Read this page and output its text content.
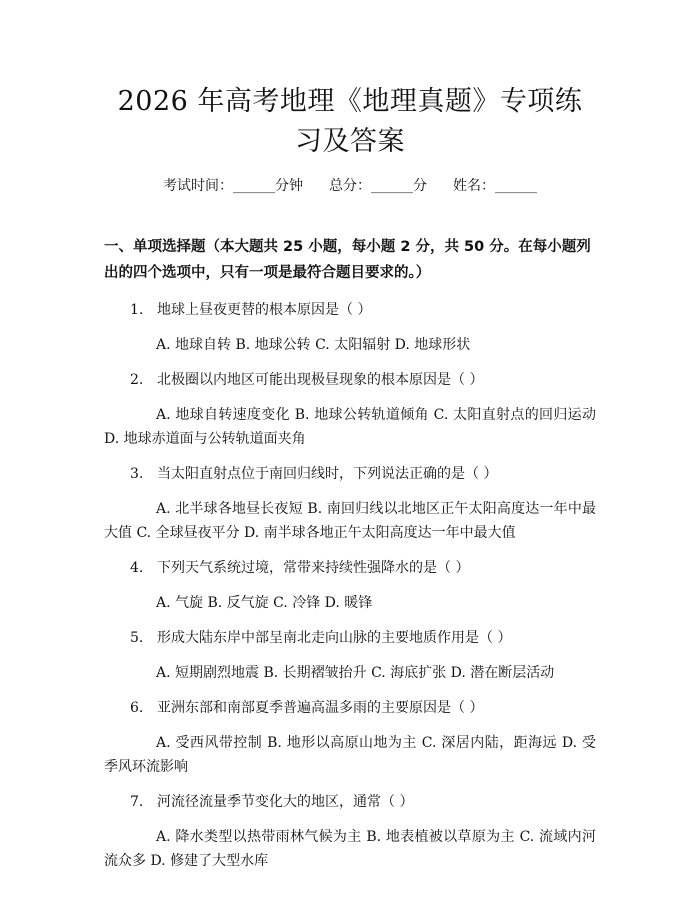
2026 年高考地理《地理真题》专项练习及答案
考试时间：______分钟 总分：______分 姓名：______
一、单项选择题（本大题共 25 小题，每小题 2 分，共 50 分。在每小题列出的四个选项中，只有一项是最符合题目要求的。）
1. 地球上昼夜更替的根本原因是（ ）
A. 地球自转 B. 地球公转 C. 太阳辐射 D. 地球形状
2. 北极圈以内地区可能出现极昼现象的根本原因是（ ）
A. 地球自转速度变化 B. 地球公转轨道倾角 C. 太阳直射点的回归运动 D. 地球赤道面与公转轨道面夹角
3. 当太阳直射点位于南回归线时，下列说法正确的是（ ）
A. 北半球各地昼长夜短 B. 南回归线以北地区正午太阳高度达一年中最大值 C. 全球昼夜平分 D. 南半球各地正午太阳高度达一年中最大值
4. 下列天气系统过境，常带来持续性强降水的是（ ）
A. 气旋 B. 反气旋 C. 冷锋 D. 暖锋
5. 形成大陆东岸中部呈南北走向山脉的主要地质作用是（ ）
A. 短期剧烈地震 B. 长期褶皱抬升 C. 海底扩张 D. 潜在断层活动
6. 亚洲东部和南部夏季普遍高温多雨的主要原因是（ ）
A. 受西风带控制 B. 地形以高原山地为主 C. 深居内陆，距海远 D. 受季风环流影响
7. 河流径流量季节变化大的地区，通常（ ）
A. 降水类型以热带雨林气候为主 B. 地表植被以草原为主 C. 流域内河流众多 D. 修建了大型水库
